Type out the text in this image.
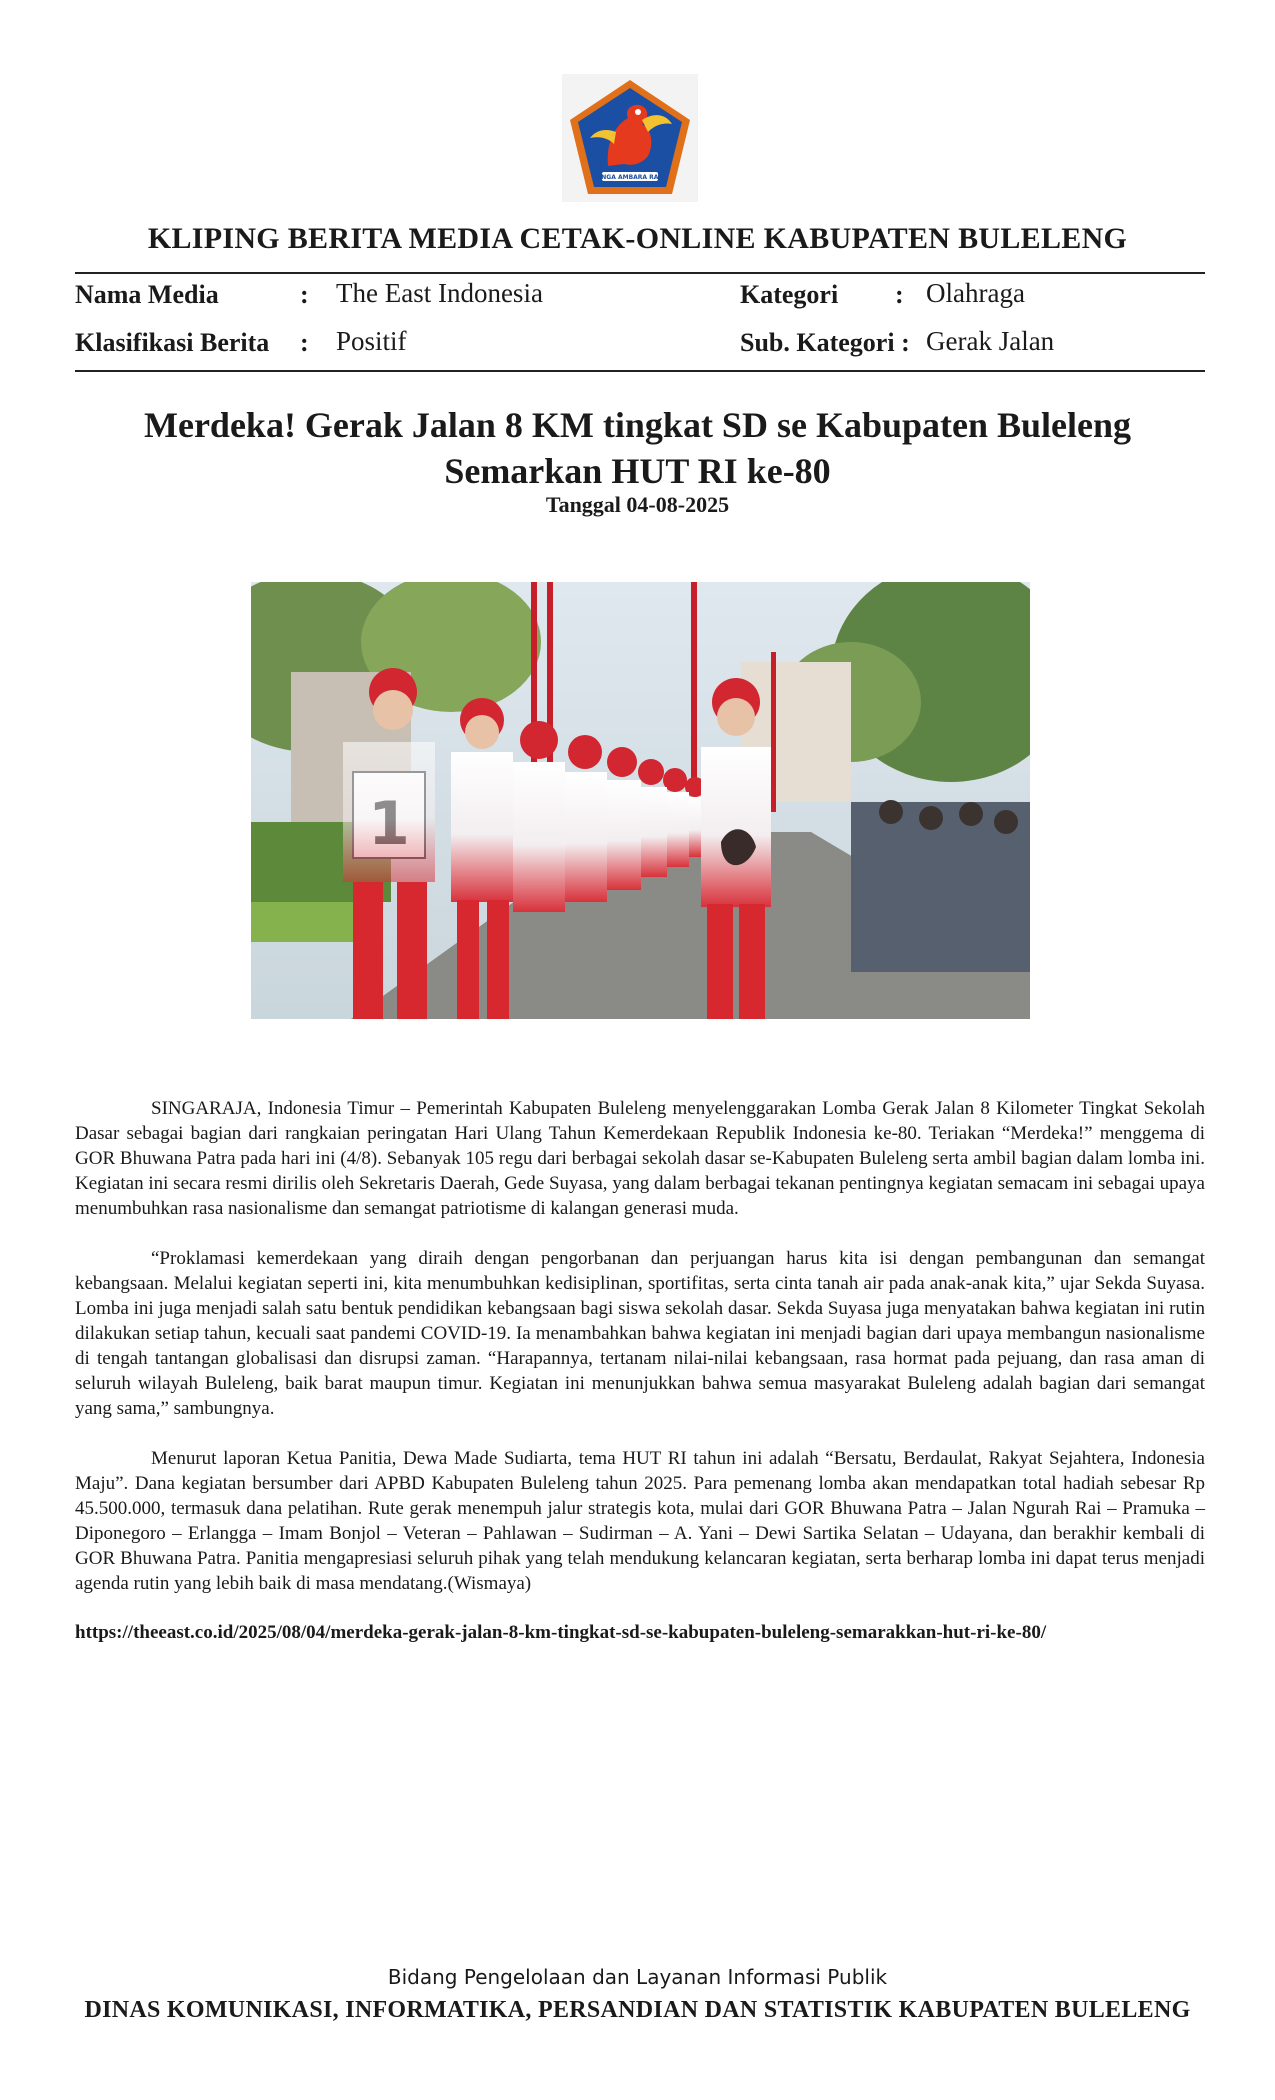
SINGA AMBARA RAJA
KLIPING BERITA MEDIA CETAK-ONLINE KABUPATEN BULELENG
Nama Media	: The East Indonesia	Kategori : Olahraga
Klasifikasi Berita : Positif	Sub. Kategori : Gerak Jalan
Merdeka! Gerak Jalan 8 KM tingkat SD se Kabupaten Buleleng
Semarkan HUT RI ke-80
Tanggal 04-08-2025

SINGARAJA, Indonesia Timur – Pemerintah Kabupaten Buleleng menyelenggarakan Lomba Gerak Jalan 8 Kilometer Tingkat Sekolah Dasar sebagai bagian dari rangkaian peringatan Hari Ulang Tahun Kemerdekaan Republik Indonesia ke-80. Teriakan “Merdeka!” menggema di GOR Bhuwana Patra pada hari ini (4/8). Sebanyak 105 regu dari berbagai sekolah dasar se-Kabupaten Buleleng serta ambil bagian dalam lomba ini. Kegiatan ini secara resmi dirilis oleh Sekretaris Daerah, Gede Suyasa, yang dalam berbagai tekanan pentingnya kegiatan semacam ini sebagai upaya menumbuhkan rasa nasionalisme dan semangat patriotisme di kalangan generasi muda.

“Proklamasi kemerdekaan yang diraih dengan pengorbanan dan perjuangan harus kita isi dengan pembangunan dan semangat kebangsaan. Melalui kegiatan seperti ini, kita menumbuhkan kedisiplinan, sportifitas, serta cinta tanah air pada anak-anak kita,” ujar Sekda Suyasa. Lomba ini juga menjadi salah satu bentuk pendidikan kebangsaan bagi siswa sekolah dasar. Sekda Suyasa juga menyatakan bahwa kegiatan ini rutin dilakukan setiap tahun, kecuali saat pandemi COVID-19. Ia menambahkan bahwa kegiatan ini menjadi bagian dari upaya membangun nasionalisme di tengah tantangan globalisasi dan disrupsi zaman. “Harapannya, tertanam nilai-nilai kebangsaan, rasa hormat pada pejuang, dan rasa aman di seluruh wilayah Buleleng, baik barat maupun timur. Kegiatan ini menunjukkan bahwa semua masyarakat Buleleng adalah bagian dari semangat yang sama,” sambungnya.

Menurut laporan Ketua Panitia, Dewa Made Sudiarta, tema HUT RI tahun ini adalah “Bersatu, Berdaulat, Rakyat Sejahtera, Indonesia Maju”. Dana kegiatan bersumber dari APBD Kabupaten Buleleng tahun 2025. Para pemenang lomba akan mendapatkan total hadiah sebesar Rp 45.500.000, termasuk dana pelatihan. Rute gerak menempuh jalur strategis kota, mulai dari GOR Bhuwana Patra – Jalan Ngurah Rai – Pramuka – Diponegoro – Erlangga – Imam Bonjol – Veteran – Pahlawan – Sudirman – A. Yani – Dewi Sartika Selatan – Udayana, dan berakhir kembali di GOR Bhuwana Patra. Panitia mengapresiasi seluruh pihak yang telah mendukung kelancaran kegiatan, serta berharap lomba ini dapat terus menjadi agenda rutin yang lebih baik di masa mendatang.(Wismaya)

https://theeast.co.id/2025/08/04/merdeka-gerak-jalan-8-km-tingkat-sd-se-kabupaten-buleleng-semarakkan-hut-ri-ke-80/
Bidang Pengelolaan dan Layanan Informasi Publik
DINAS KOMUNIKASI, INFORMATIKA, PERSANDIAN DAN STATISTIK KABUPATEN BULELENG
